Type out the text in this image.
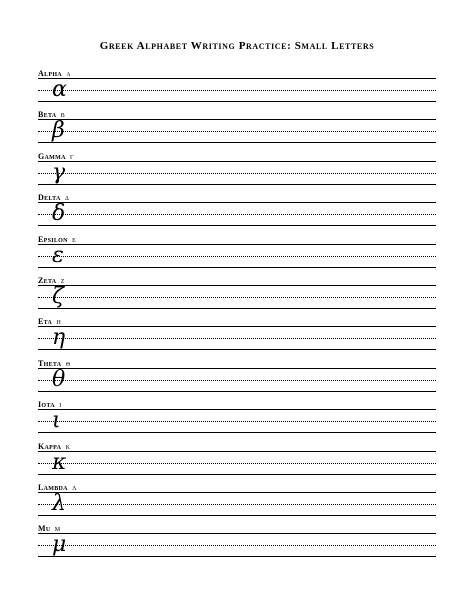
Greek Alphabet Writing Practice: Small Letters
Alpha α
α
Beta β
β
Gamma γ
γ
Delta δ
δ
Epsilon ε
ε
Zeta ζ
ζ
Eta η
η
Theta θ
θ
Iota ι
ι
Kappa κ
κ
Lambda λ
λ
Mu μ
μ
